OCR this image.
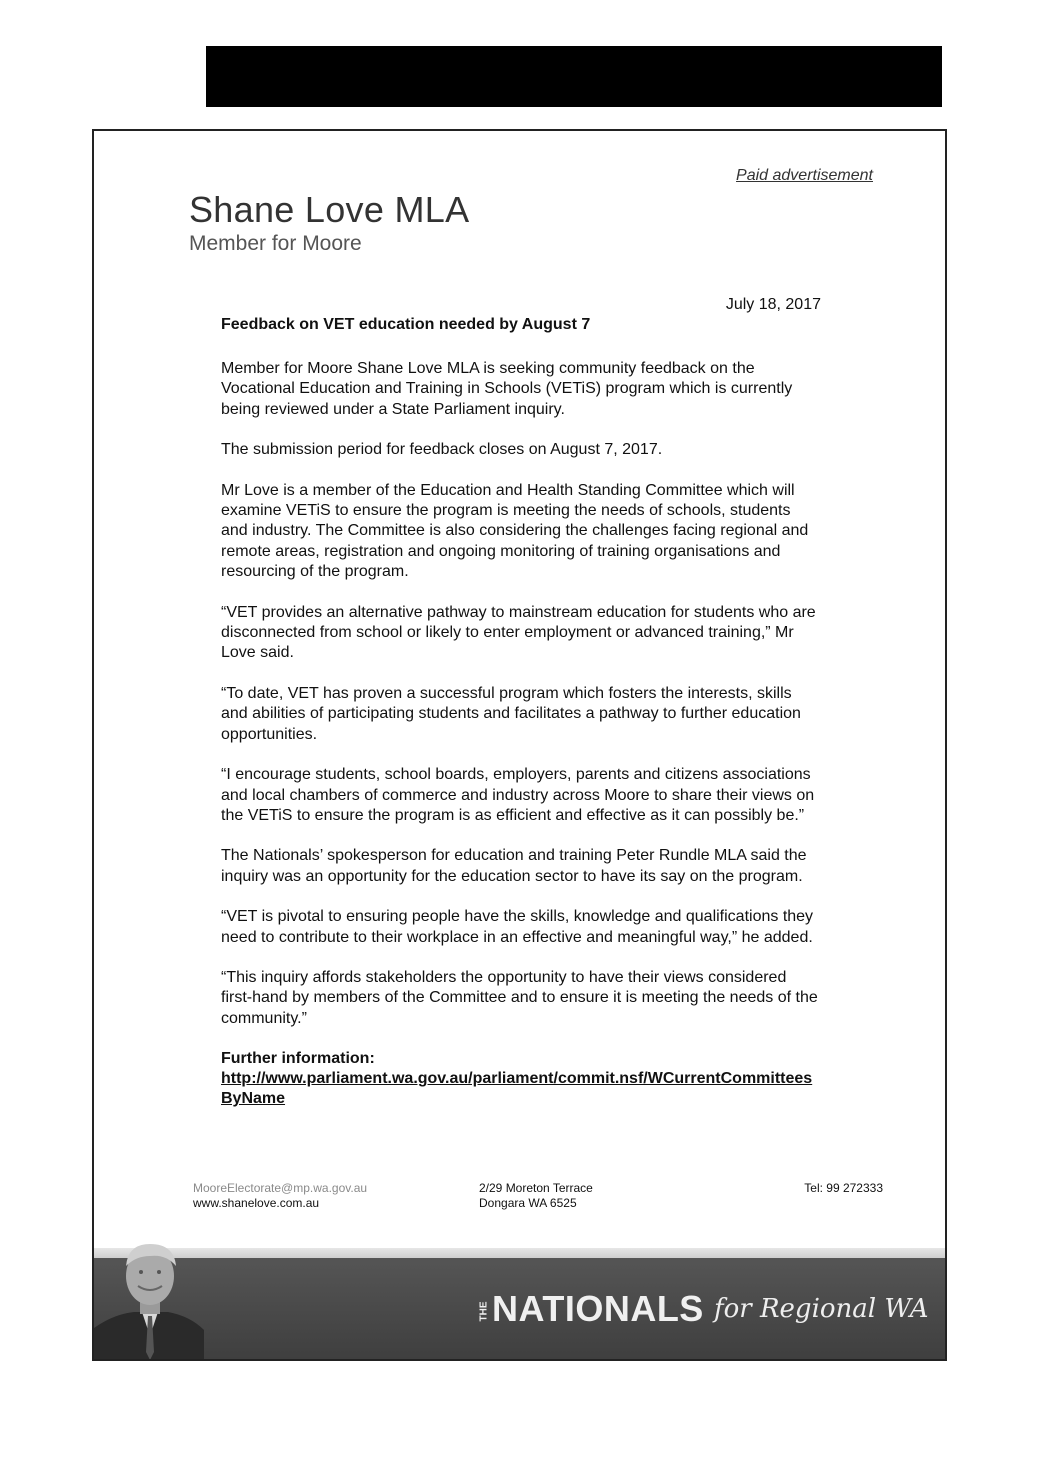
Paid advertisement
Shane Love MLA
Member for Moore

July 18, 2017

Feedback on VET education needed by August 7

Member for Moore Shane Love MLA is seeking community feedback on the Vocational Education and Training in Schools (VETiS) program which is currently being reviewed under a State Parliament inquiry.

The submission period for feedback closes on August 7, 2017.

Mr Love is a member of the Education and Health Standing Committee which will examine VETiS to ensure the program is meeting the needs of schools, students and industry. The Committee is also considering the challenges facing regional and remote areas, registration and ongoing monitoring of training organisations and resourcing of the program.

“VET provides an alternative pathway to mainstream education for students who are disconnected from school or likely to enter employment or advanced training,” Mr Love said.

“To date, VET has proven a successful program which fosters the interests, skills and abilities of participating students and facilitates a pathway to further education opportunities.

“I encourage students, school boards, employers, parents and citizens associations and local chambers of commerce and industry across Moore to share their views on the VETiS to ensure the program is as efficient and effective as it can possibly be.”

The Nationals’ spokesperson for education and training Peter Rundle MLA said the inquiry was an opportunity for the education sector to have its say on the program.

“VET is pivotal to ensuring people have the skills, knowledge and qualifications they need to contribute to their workplace in an effective and meaningful way,” he added.

“This inquiry affords stakeholders the opportunity to have their views considered first-hand by members of the Committee and to ensure it is meeting the needs of the community.”

Further information:

http://www.parliament.wa.gov.au/parliament/commit.nsf/WCurrentCommitteesByName

MooreElectorate@mp.wa.gov.au
www.shanelove.com.au
2/29 Moreton Terrace
Dongara WA 6525
Tel: 99 272333
THENATIONALS for Regional WA
